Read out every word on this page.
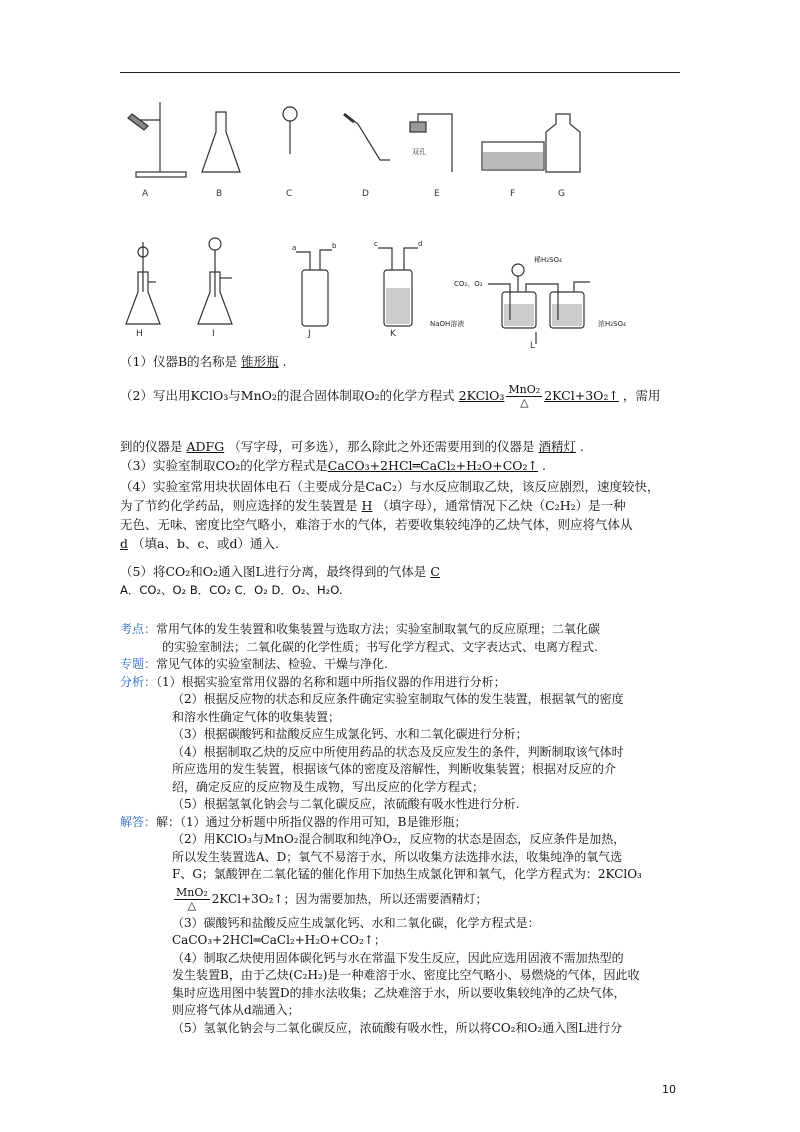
A	B	C	D	E	F	G
H	I	J	K
L
双孔
a	b	c	d
稀H₂SO₄
CO₂、O₂
NaOH溶液	浓H₂SO₄
（1）仪器B的名称是 锥形瓶 .
（2）写出用KClO₃与MnO₂的混合固体制取O₂的化学方程式 2KClO₃ $\frac{\text{MnO₂}}{\triangle}$ 2KCl+3O₂↑ ，需用
到的仪器是 ADFG （写字母，可多选），那么除此之外还需要用到的仪器是 酒精灯 .
（3）实验室制取CO₂的化学方程式是CaCO₃+2HCl═CaCl₂+H₂O+CO₂↑ .
（4）实验室常用块状固体电石（主要成分是CaC₂）与水反应制取乙炔，该反应剧烈，速度较快，
为了节约化学药品，则应选择的发生装置是 H （填字母），通常情况下乙炔（C₂H₂）是一种
无色、无味、密度比空气略小，难溶于水的气体，若要收集较纯净的乙炔气体，则应将气体从
d （填a、b、c、或d）通入.
（5）将CO₂和O₂通入图L进行分离，最终得到的气体是 C
A．CO₂、O₂ B．CO₂ C．O₂ D．O₂、H₂O.
考点：常用气体的发生装置和收集装置与选取方法；实验室制取氧气的反应原理；二氧化碳
的实验室制法；二氧化碳的化学性质；书写化学方程式、文字表达式、电离方程式.
专题：常见气体的实验室制法、检验、干燥与净化.
分析：（1）根据实验室常用仪器的名称和题中所指仪器的作用进行分析；
（2）根据反应物的状态和反应条件确定实验室制取气体的发生装置，根据氧气的密度
和溶水性确定气体的收集装置；
（3）根据碳酸钙和盐酸反应生成氯化钙、水和二氧化碳进行分析；
（4）根据制取乙炔的反应中所使用药品的状态及反应发生的条件，判断制取该气体时
所应选用的发生装置，根据该气体的密度及溶解性，判断收集装置；根据对反应的介
绍，确定反应的反应物及生成物，写出反应的化学方程式；
（5）根据氢氧化钠会与二氧化碳反应，浓硫酸有吸水性进行分析.
解答：解：（1）通过分析题中所指仪器的作用可知，B是锥形瓶；
（2）用KClO₃与MnO₂混合制取和纯净O₂，反应物的状态是固态，反应条件是加热，
所以发生装置选A、D；氧气不易溶于水，所以收集方法选排水法，收集纯净的氧气选
F、G；氯酸钾在二氧化锰的催化作用下加热生成氯化钾和氧气，化学方程式为：2KClO₃
$\frac{\text{MnO₂}}{\triangle}$ 2KCl+3O₂↑；因为需要加热，所以还需要酒精灯；
（3）碳酸钙和盐酸反应生成氯化钙、水和二氧化碳，化学方程式是：
CaCO₃+2HCl═CaCl₂+H₂O+CO₂↑；
（4）制取乙炔使用固体碳化钙与水在常温下发生反应，因此应选用固液不需加热型的
发生装置B，由于乙炔(C₂H₂)是一种难溶于水、密度比空气略小、易燃烧的气体，因此收
集时应选用图中装置D的排水法收集；乙炔难溶于水，所以要收集较纯净的乙炔气体，
则应将气体从d端通入；
（5）氢氧化钠会与二氧化碳反应，浓硫酸有吸水性，所以将CO₂和O₂通入图L进行分
10
